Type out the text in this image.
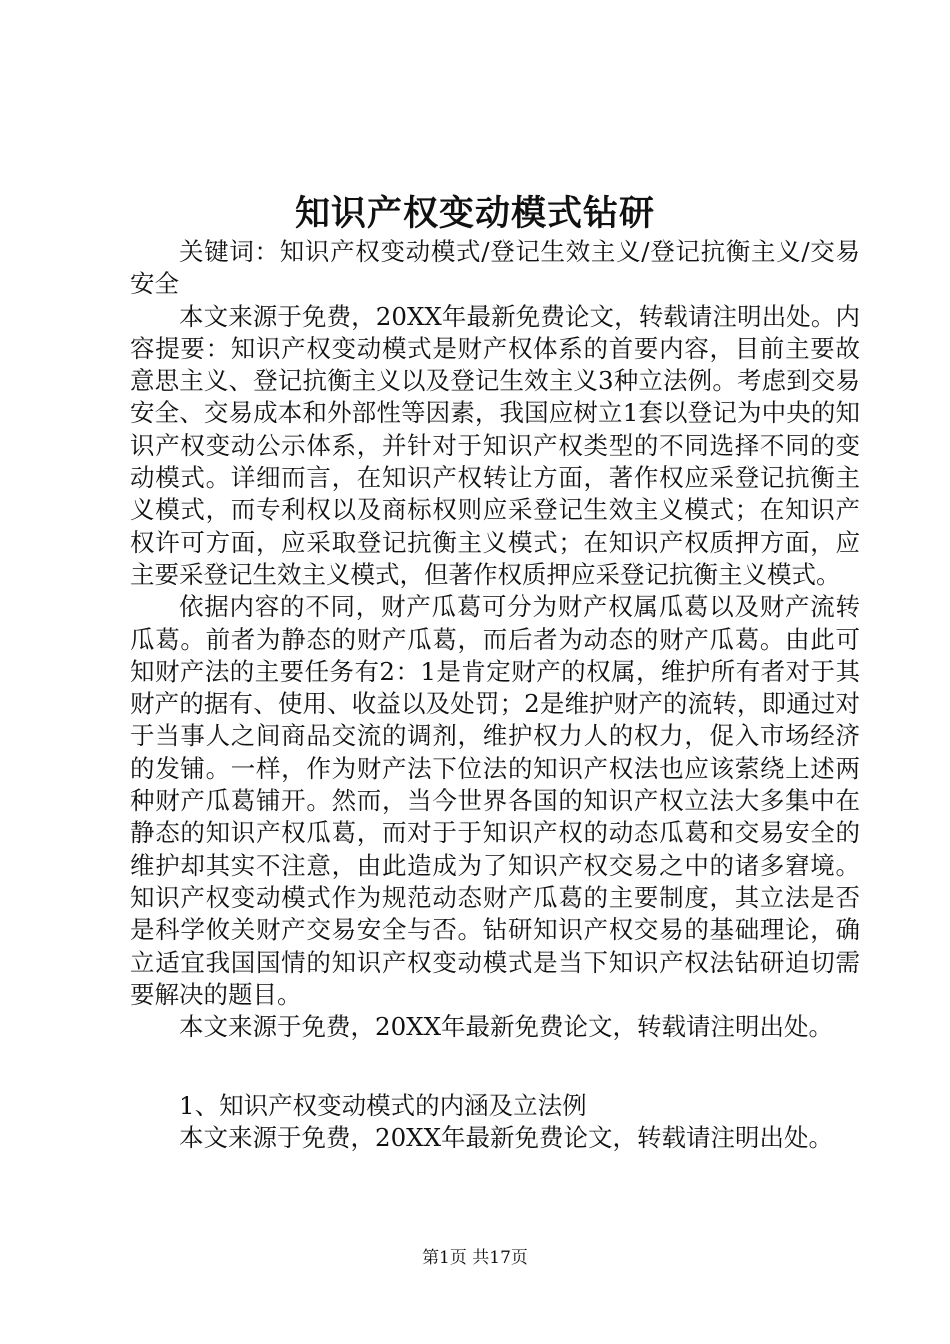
知识产权变动模式钻研

关键词：知识产权变动模式/登记生效主义/登记抗衡主义/交易安全

本文来源于免费，20XX年最新免费论文，转载请注明出处。内容提要：知识产权变动模式是财产权体系的首要内容，目前主要故意思主义、登记抗衡主义以及登记生效主义3种立法例。考虑到交易安全、交易成本和外部性等因素，我国应树立1套以登记为中央的知识产权变动公示体系，并针对于知识产权类型的不同选择不同的变动模式。详细而言，在知识产权转让方面，著作权应采登记抗衡主义模式，而专利权以及商标权则应采登记生效主义模式；在知识产权许可方面，应采取登记抗衡主义模式；在知识产权质押方面，应主要采登记生效主义模式，但著作权质押应采登记抗衡主义模式。

依据内容的不同，财产瓜葛可分为财产权属瓜葛以及财产流转瓜葛。前者为静态的财产瓜葛，而后者为动态的财产瓜葛。由此可知财产法的主要任务有2：1是肯定财产的权属，维护所有者对于其财产的据有、使用、收益以及处罚；2是维护财产的流转，即通过对于当事人之间商品交流的调剂，维护权力人的权力，促入市场经济的发铺。一样，作为财产法下位法的知识产权法也应该萦绕上述两种财产瓜葛铺开。然而，当今世界各国的知识产权立法大多集中在静态的知识产权瓜葛，而对于于知识产权的动态瓜葛和交易安全的维护却其实不注意，由此造成为了知识产权交易之中的诸多窘境。知识产权变动模式作为规范动态财产瓜葛的主要制度，其立法是否是科学攸关财产交易安全与否。钻研知识产权交易的基础理论，确立适宜我国国情的知识产权变动模式是当下知识产权法钻研迫切需要解决的题目。

本文来源于免费，20XX年最新免费论文，转载请注明出处。

1、知识产权变动模式的内涵及立法例

本文来源于免费，20XX年最新免费论文，转载请注明出处。

第1页 共17页
